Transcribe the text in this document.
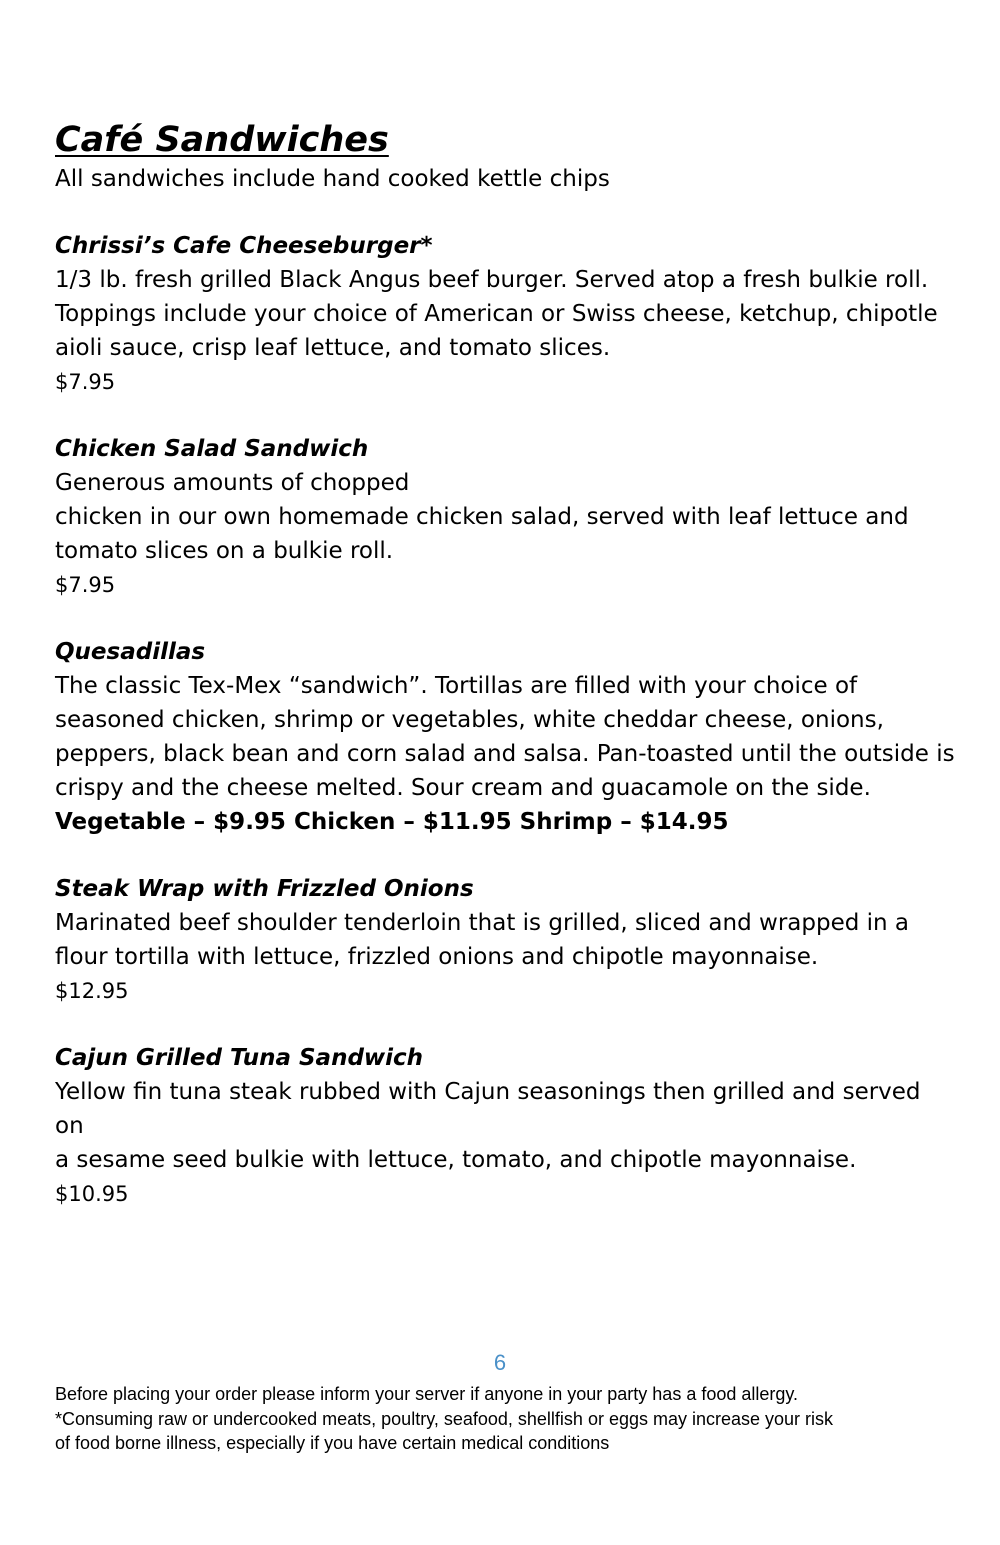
Café Sandwiches

All sandwiches include hand cooked kettle chips

Chrissi’s Cafe Cheeseburger*

1/3 lb. fresh grilled Black Angus beef burger. Served atop a fresh bulkie roll.
Toppings include your choice of American or Swiss cheese, ketchup, chipotle
aioli sauce, crisp leaf lettuce, and tomato slices.

$7.95

Chicken Salad Sandwich

Generous amounts of chopped
chicken in our own homemade chicken salad, served with leaf lettuce and
tomato slices on a bulkie roll.

$7.95

Quesadillas

The classic Tex-Mex “sandwich”. Tortillas are filled with your choice of
seasoned chicken, shrimp or vegetables, white cheddar cheese, onions,
peppers, black bean and corn salad and salsa. Pan-toasted until the outside is
crispy and the cheese melted. Sour cream and guacamole on the side.

Vegetable – $9.95 Chicken – $11.95 Shrimp – $14.95

Steak Wrap with Frizzled Onions

Marinated beef shoulder tenderloin that is grilled, sliced and wrapped in a
flour tortilla with lettuce, frizzled onions and chipotle mayonnaise.

$12.95

Cajun Grilled Tuna Sandwich

Yellow fin tuna steak rubbed with Cajun seasonings then grilled and served on
a sesame seed bulkie with lettuce, tomato, and chipotle mayonnaise.

$10.95

6

Before placing your order please inform your server if anyone in your party has a food allergy.

*Consuming raw or undercooked meats, poultry, seafood, shellfish or eggs may increase your risk
of food borne illness, especially if you have certain medical conditions
